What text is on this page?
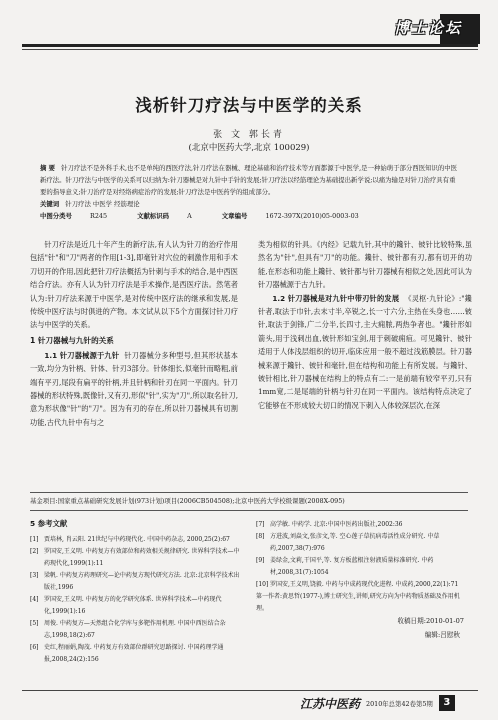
博士论坛
浅析针刀疗法与中医学的关系
张 文 郭长青
(北京中医药大学,北京 100029)

摘 要 针刀疗法不是外科手术,也不是单纯的西医疗法,针刀疗法在器械、理论基础和治疗技术等方面都源于中医学,是一种始萌于部分西医知识的中医新疗法。针刀疗法与中医学的关系可以归纳为:针刀器械是对九针中手针的发展;针刀疗法以经筋理论为基础提出新学说;以痛为输是对针刀治疗具有重要的指导意义;针刀治疗是对经络病症治疗的发展;针刀疗法是中医药学的组成部分。

关键词 针刀疗法 中医学 经筋理论

中图分类号	R245	文献标识码	A	文章编号	1672-397X(2010)05-0003-03

针刀疗法是近几十年产生的新疗法,有人认为针刀的治疗作用包括"针"和"刀"两者的作用[1-3],即毫针对穴位的刺激作用和手术刀切开的作用,因此把针刀疗法概括为针刺与手术的结合,是中西医结合疗法。亦有人认为针刀疗法是手术操作,是西医疗法。然笔者认为:针刀疗法来源于中医学,是对传统中医疗法的继承和发展,是传统中医疗法与时俱进的产物。本文试从以下5个方面探讨针刀疗法与中医学的关系。

1 针刀器械与九针的关系

1.1 针刀器械源于九针 针刀器械分多种型号,但其形状基本一致,均分为针柄、针体、针刃3部分。针体细长,似毫针而略粗,前端有平刃,尾段有扁平的针柄,并且针柄和针刃在同一平面内。针刀器械的形状特殊,既像针,又有刃,形似"针",实为"刀",所以取名针刀,意为形状像"针"的"刀"。因为有刃的存在,所以针刀器械具有切割功能,古代九针中有与之

类为相似的针具。《内经》记载九针,其中的鑱针、铍针比较特殊,虽然名为"针",但具有"刀"的功能。鑱针、铍针都有刃,都有切开的功能,在形态和功能上鑱针、铍针都与针刀器械有相似之处,因此可认为针刀器械源于古九针。

1.2 针刀器械是对九针中带刃针的发展 《灵枢·九针论》:"鑱针者,取法于巾针,去末寸半,卒锐之,长一寸六分,主热在头身也……铍针,取法于剑锋,广二分半,长四寸,主大痈脓,两热争者也。"鑱针形如箭头,用于浅刺出血,铍针形如宝剑,用于刺破痈疽。可见鑱针、铍针适用于人体浅层组织的切开,临床应用一般不超过浅筋膜层。针刀器械来源于鑱针、铍针和毫针,但在结构和功能上有所发展。与鑱针、铍针相比,针刀器械在结构上的特点有二:一是前端有较窄平刃,只有1mm宽,二是尾端的针柄与针刃在同一平面内。该结构特点决定了它能够在不形成较大切口的情况下刺入人体较深层次,在深

基金项目:国家重点基础研究发展计划(973计划)项目(2006CB504508);北京中医药大学校级课题(2008X-095)
5 参考文献
[1] 贾培林, 肖云阳. 21世纪与中药现代化. 中国中药杂志, 2000,25(2):67
[2] 罗国安,王义明. 中药复方有效部位和药效相关规律研究. 世界科学技术—中药现代化,1999(1):11
[3] 梁帆. 中药复方药理研究—论中药复方现代研究方法. 北京:北京科学技术出版社,1996
[4] 罗国安,王义明. 中药复方的化学研究体系. 世界科学技术—中药现代化,1999(1):16
[5] 周俊. 中药复方—天然组合化学库与多靶作用机理. 中国中西医结合杂志,1998,18(2):67
[6] 史红,程丽娟,陶茂. 中药复方有效部位群研究思路探讨. 中国药理学通报,2008,24(2):156
[7] 高学敏. 中药学. 北京:中国中医药出版社,2002:36
[8] 方进波,刘焱文,张彦文,等. 空心莲子草抗病毒活性成分研究. 中草药,2007,38(7):976
[9] 姜绿金,文莉,干国平,等. 复方板蓝根注射液质量标准研究. 中药材,2008,31(7):1054
[10] 罗国安,王义明,饶毅. 中药与中成药现代化进程. 中成药,2000,22(1):71
第一作者:黄思哲(1977-),博士研究生,讲师,研究方向为中药物质基础及作用机理。
收稿日期:2010-01-07
编辑:吕慰秋
江苏中医药 2010年总第42卷第5期	3
